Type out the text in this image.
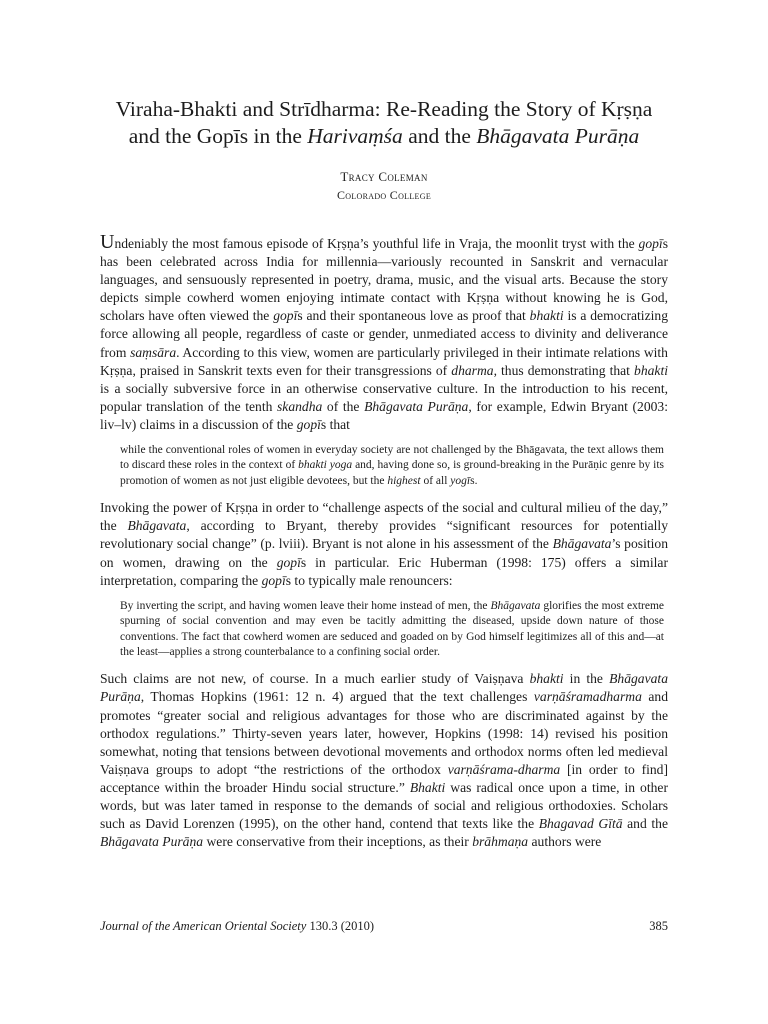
Viraha-Bhakti and Strīdharma: Re-Reading the Story of Kṛṣṇa
and the Gopīs in the Harivaṃśa and the Bhāgavata Purāṇa
Tracy Coleman
Colorado College

Undeniably the most famous episode of Kṛṣṇa’s youthful life in Vraja, the moonlit tryst with the gopīs has been celebrated across India for millennia—variously recounted in Sanskrit and vernacular languages, and sensuously represented in poetry, drama, music, and the visual arts. Because the story depicts simple cowherd women enjoying intimate contact with Kṛṣṇa without knowing he is God, scholars have often viewed the gopīs and their spontaneous love as proof that bhakti is a democratizing force allowing all people, regardless of caste or gender, unmediated access to divinity and deliverance from saṃsāra. According to this view, women are particularly privileged in their intimate relations with Kṛṣṇa, praised in Sanskrit texts even for their transgressions of dharma, thus demonstrating that bhakti is a socially subversive force in an otherwise conservative culture. In the introduction to his recent, popular translation of the tenth skandha of the Bhāgavata Purāṇa, for example, Edwin Bryant (2003: liv–lv) claims in a discussion of the gopīs that

while the conventional roles of women in everyday society are not challenged by the Bhāgavata, the text allows them to discard these roles in the context of bhakti yoga and, having done so, is ground-breaking in the Purāṇic genre by its promotion of women as not just eligible devotees, but the highest of all yogīs.

Invoking the power of Kṛṣṇa in order to “challenge aspects of the social and cultural milieu of the day,” the Bhāgavata, according to Bryant, thereby provides “significant resources for potentially revolutionary social change” (p. lviii). Bryant is not alone in his assessment of the Bhāgavata’s position on women, drawing on the gopīs in particular. Eric Huberman (1998: 175) offers a similar interpretation, comparing the gopīs to typically male renouncers:

By inverting the script, and having women leave their home instead of men, the Bhāgavata glorifies the most extreme spurning of social convention and may even be tacitly admitting the diseased, upside down nature of those conventions. The fact that cowherd women are seduced and goaded on by God himself legitimizes all of this and—at the least—applies a strong counterbalance to a confining social order.

Such claims are not new, of course. In a much earlier study of Vaiṣṇava bhakti in the Bhāgavata Purāṇa, Thomas Hopkins (1961: 12 n. 4) argued that the text challenges varṇāśramadharma and promotes “greater social and religious advantages for those who are discriminated against by the orthodox regulations.” Thirty-seven years later, however, Hopkins (1998: 14) revised his position somewhat, noting that tensions between devotional movements and orthodox norms often led medieval Vaiṣṇava groups to adopt “the restrictions of the orthodox varṇāśrama-dharma [in order to find] acceptance within the broader Hindu social structure.” Bhakti was radical once upon a time, in other words, but was later tamed in response to the demands of social and religious orthodoxies. Scholars such as David Lorenzen (1995), on the other hand, contend that texts like the Bhagavad Gītā and the Bhāgavata Purāṇa were conservative from their inceptions, as their brāhmaṇa authors were

Journal of the American Oriental Society 130.3 (2010)	385
